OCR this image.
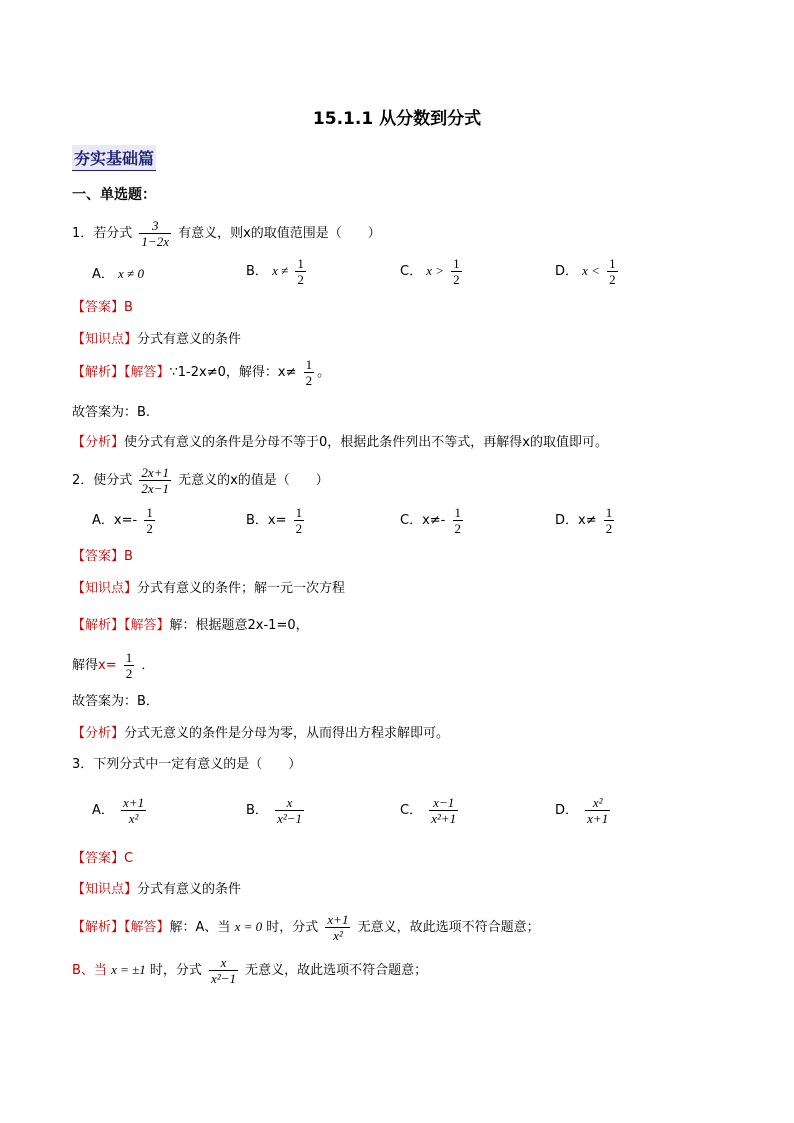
15.1.1 从分数到分式
夯实基础篇
一、单选题：
1．若分式 $\frac{3}{1-2x}$ 有意义，则x的取值范围是（　　）
A． x ≠ 0	B． $x \ne \frac{1}{2}$	C． $x > \frac{1}{2}$	D． $x < \frac{1}{2}$
【答案】B
【知识点】分式有意义的条件
【解析】【解答】∵1-2x≠0，解得：$x\ne \frac{1}{2}$ 。
故答案为：B.
【分析】使分式有意义的条件是分母不等于0，根据此条件列出不等式，再解得x的取值即可。
2．使分式 $\frac{2x+1}{2x-1}$ 无意义的x的值是（　　）
A．$x=- \frac{1}{2}$	B．$x= \frac{1}{2}$	C．$x\ne- \frac{1}{2}$	D．$x\ne \frac{1}{2}$
【答案】B
【知识点】分式有意义的条件；解一元一次方程
【解析】【解答】解：根据题意2x-1=0，
解得$x= \frac{1}{2}$ ．
故答案为：B．
【分析】分式无意义的条件是分母为零，从而得出方程求解即可。
3．下列分式中一定有意义的是（　　）
A． $\frac{x+1}{\text{x²}}$	B． $\frac{x}{\text{x²−1}}$	C． $\frac{x-1}{\text{x²+1}}$	D． $\frac{\text{x²}}{x+1}$
【答案】C
【知识点】分式有意义的条件
【解析】【解答】解：A、当 x = 0 时，分式 $\frac{x+1}{\text{x²}}$ 无意义，故此选项不符合题意；
B、当 x = ±1 时，分式 $\frac{x}{\text{x²−1}}$ 无意义，故此选项不符合题意；
